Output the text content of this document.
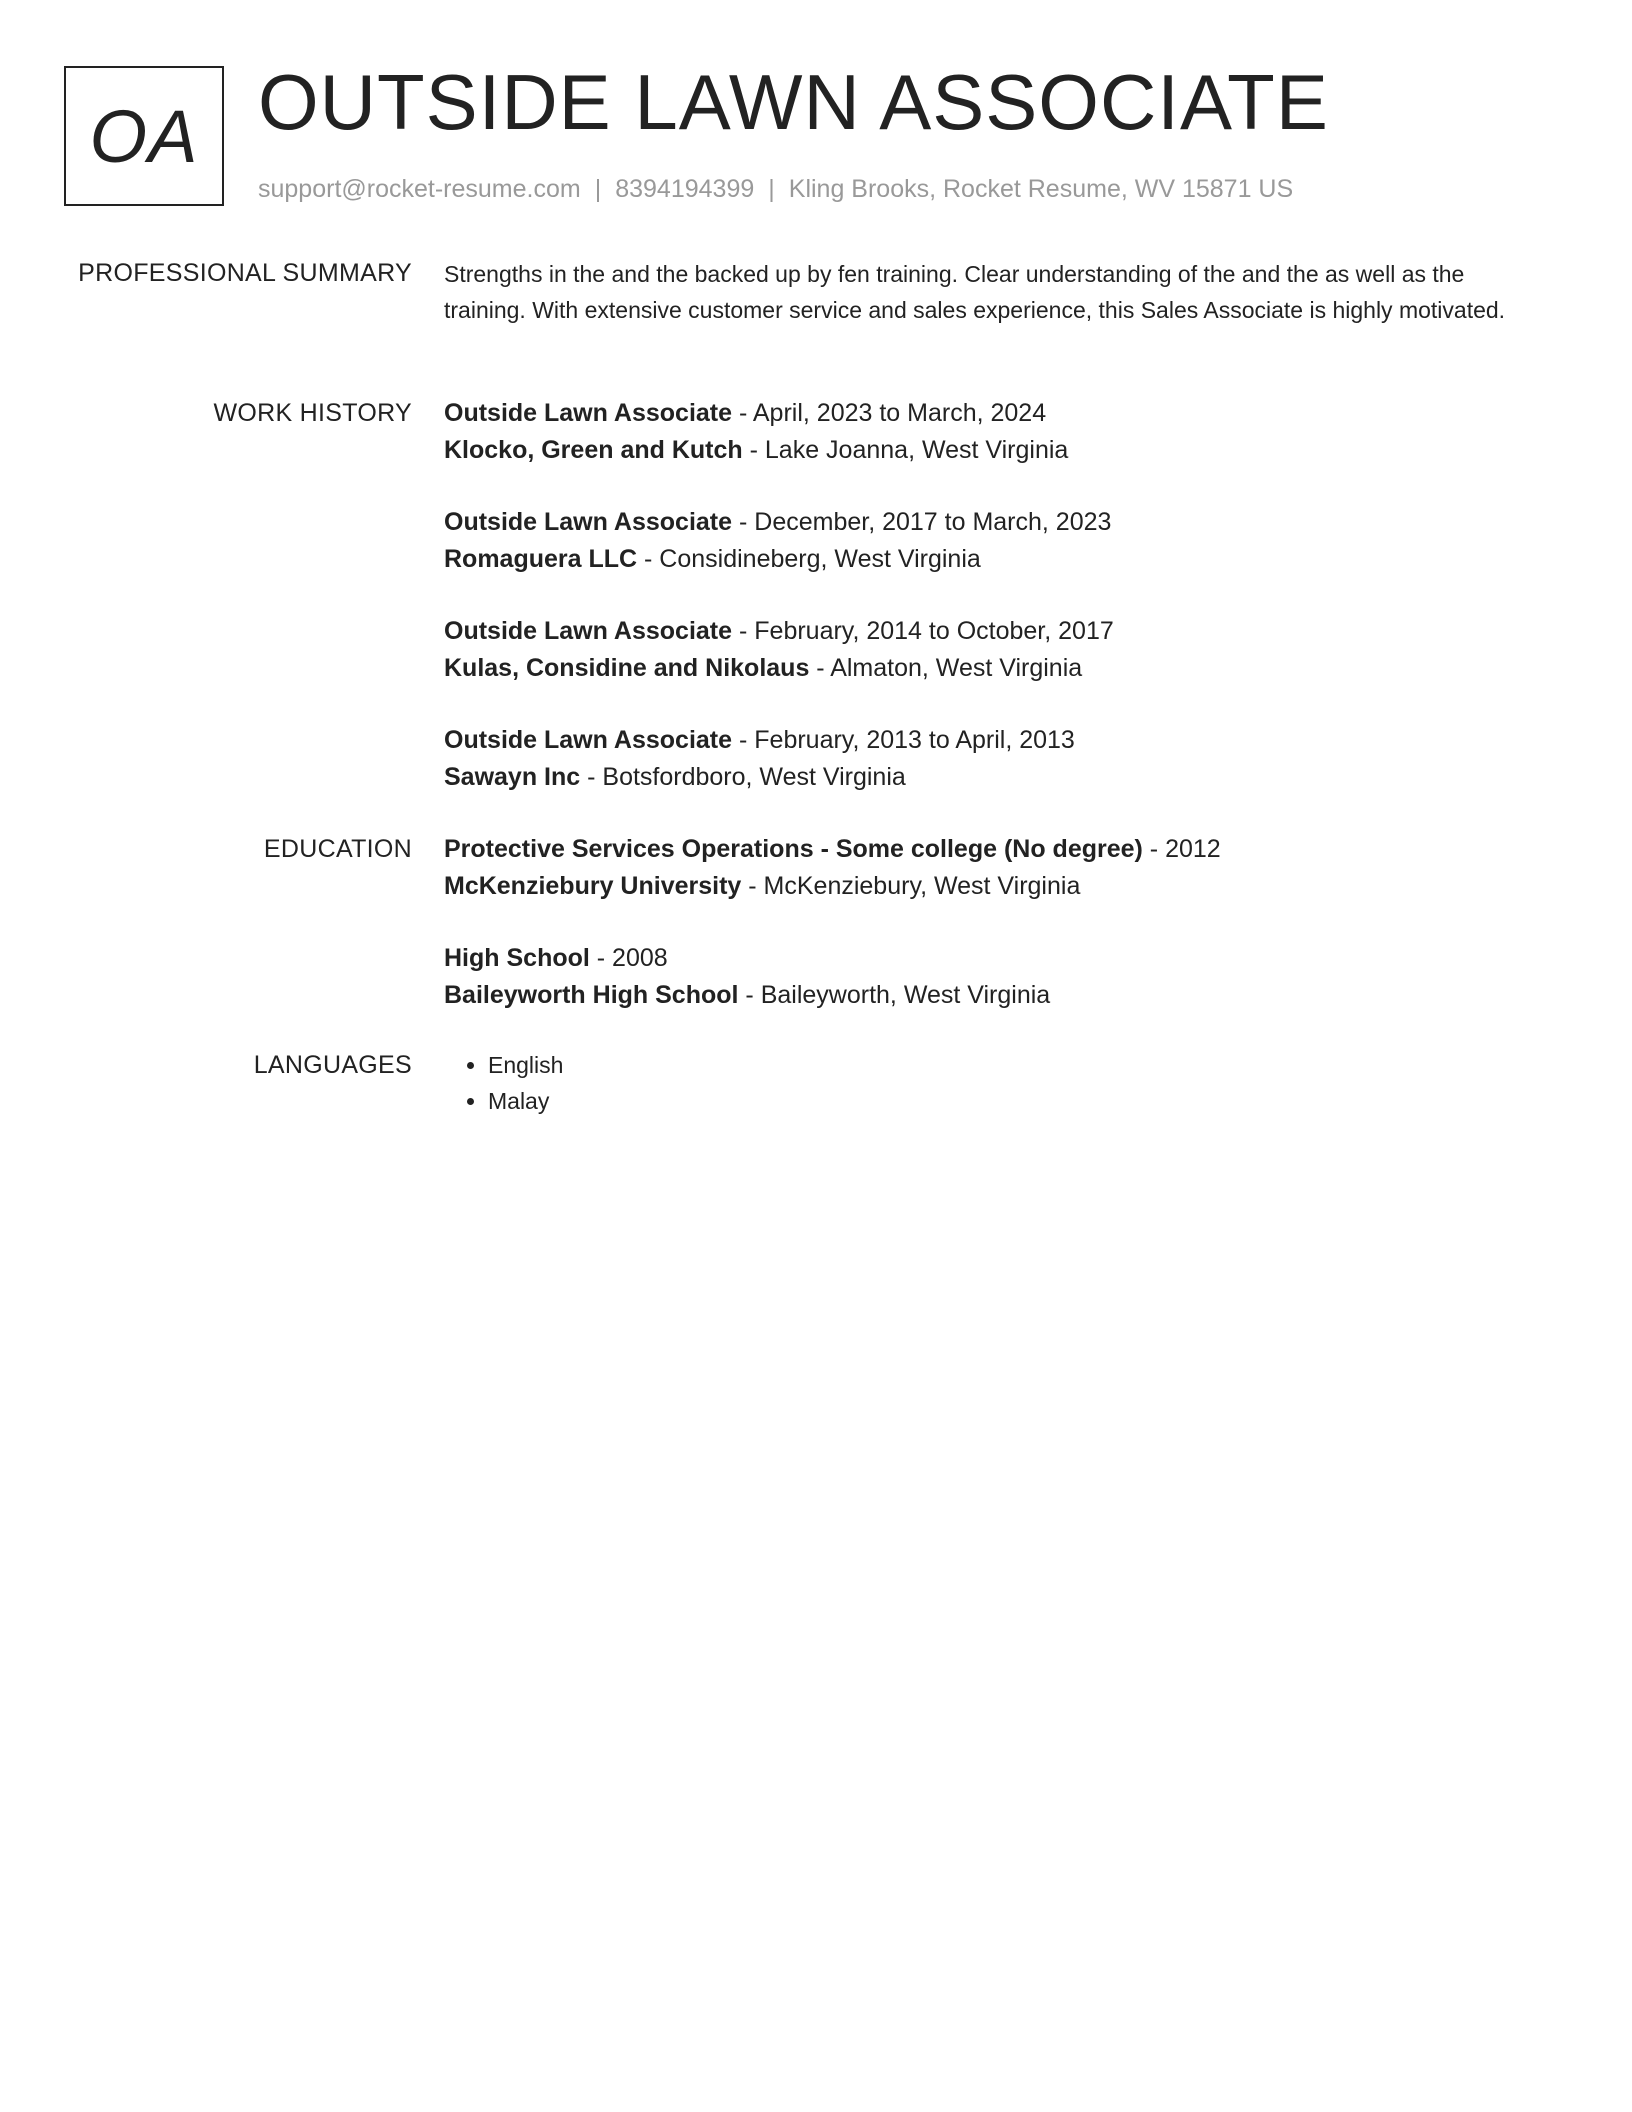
OA OUTSIDE LAWN ASSOCIATE
support@rocket-resume.com | 8394194399 | Kling Brooks, Rocket Resume, WV 15871 US
PROFESSIONAL SUMMARY Strengths in the and the backed up by fen training. Clear understanding of the and the as well as the training. With extensive customer service and sales experience, this Sales Associate is highly motivated.
WORK HISTORY Outside Lawn Associate - April, 2023 to March, 2024
Klocko, Green and Kutch - Lake Joanna, West Virginia
Outside Lawn Associate - December, 2017 to March, 2023
Romaguera LLC - Considineberg, West Virginia
Outside Lawn Associate - February, 2014 to October, 2017
Kulas, Considine and Nikolaus - Almaton, West Virginia
Outside Lawn Associate - February, 2013 to April, 2013
Sawayn Inc - Botsfordboro, West Virginia
EDUCATION Protective Services Operations - Some college (No degree) - 2012
McKenziebury University - McKenziebury, West Virginia
High School - 2008
Baileyworth High School - Baileyworth, West Virginia
LANGUAGES
•	English
• Malay
